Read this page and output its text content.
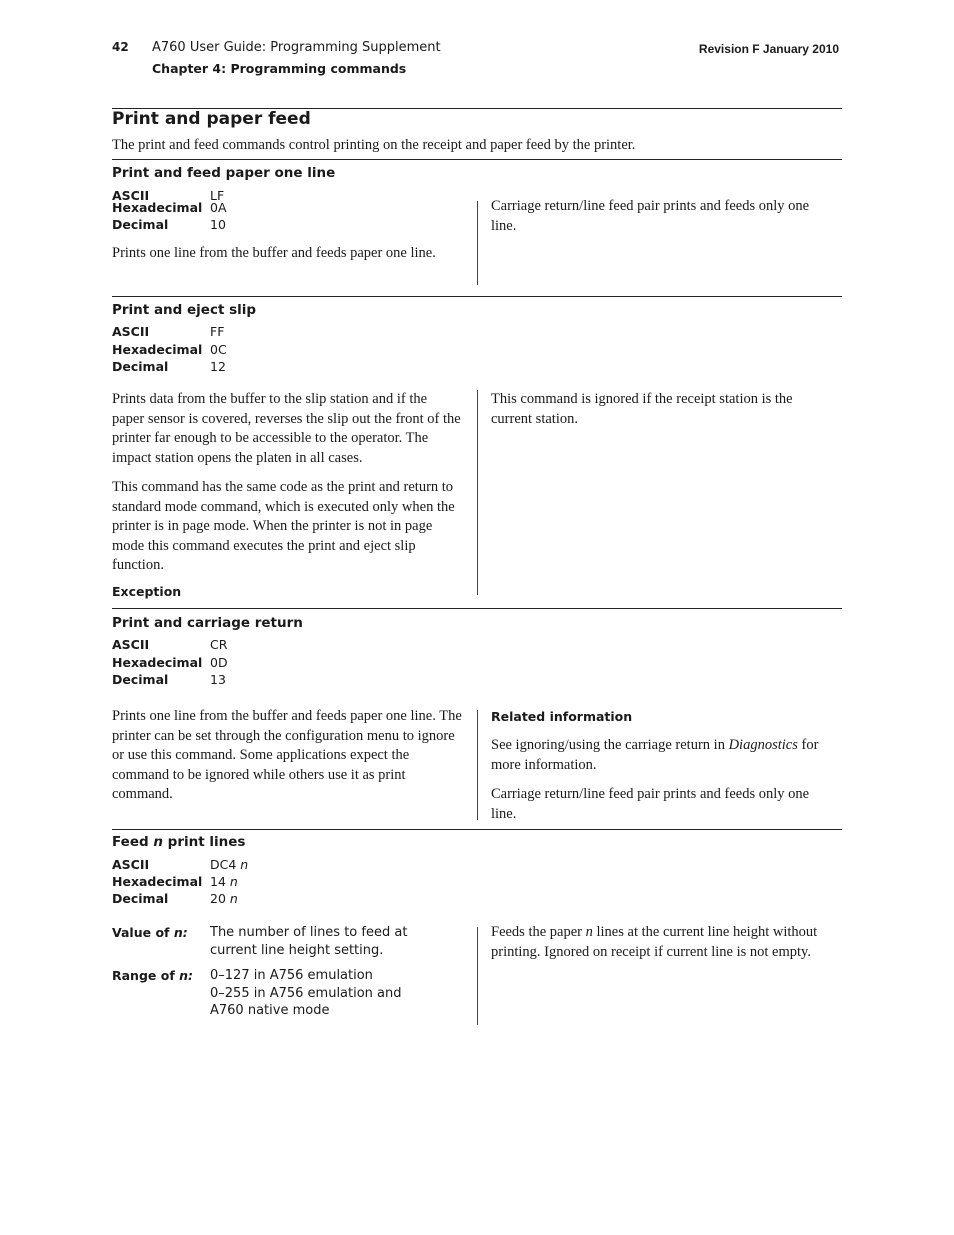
42 A760 User Guide: Programming Supplement
Chapter 4: Programming commands
Revision F January 2010
Print and paper feed
The print and feed commands control printing on the receipt and paper feed by the printer.
Print and feed paper one line
ASCII	LF
Hexadecimal 0A
Decimal	10
Prints one line from the buffer and feeds paper one line.
Carriage return/line feed pair prints and feeds only one line.
Print and eject slip
ASCII	FF
Hexadecimal 0C
Decimal	12

Prints data from the buffer to the slip station and if the paper sensor is covered, reverses the slip out the front of the printer far enough to be accessible to the operator. The impact station opens the platen in all cases.

This command has the same code as the print and return to standard mode command, which is executed only when the printer is in page mode. When the printer is not in page mode this command executes the print and eject slip function.

Exception
This command is ignored if the receipt station is the current station.
Print and carriage return
ASCII	CR
Hexadecimal 0D
Decimal	13
Prints one line from the buffer and feeds paper one line. The printer can be set through the configuration menu to ignore or use this command. Some applications expect the command to be ignored while others use it as print command.
Related information

See ignoring/using the carriage return in Diagnostics for more information.

Carriage return/line feed pair prints and feeds only one line.

Feed n print lines
ASCII	DC4 n
Hexadecimal 14 n
Decimal	20 n
Value of n: The number of lines to feed at current line height setting.
Range of n: 0–127 in A756 emulation
0–255 in A756 emulation and
A760 native mode
Feeds the paper n lines at the current line height without printing. Ignored on receipt if current line is not empty.
